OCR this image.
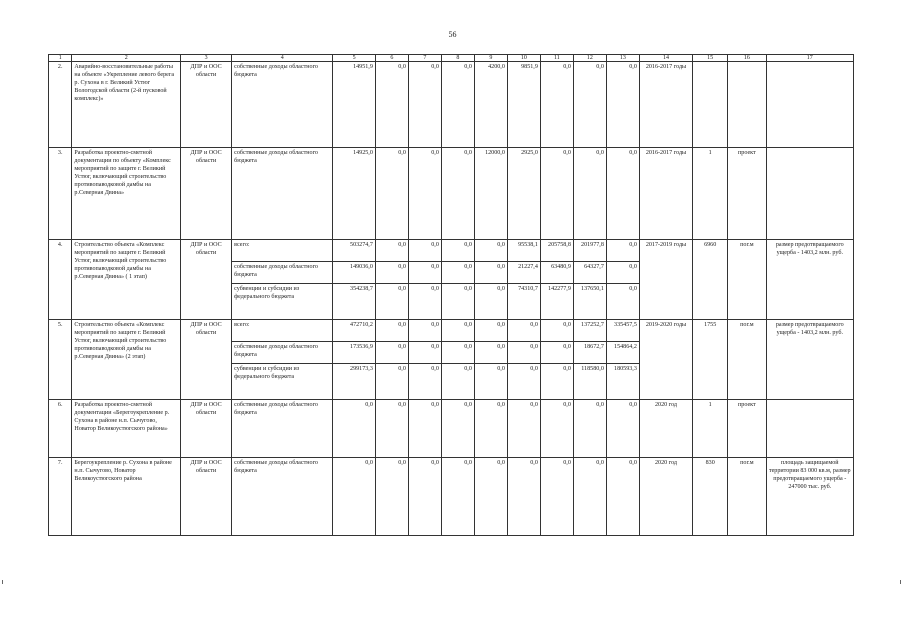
56
1	2	3	4	5	6	7	8	9	10	11	12	13	14	15	16	17
2.	Аварийно-восстановительные работы на объекте «Укрепление левого берега р. Сухона в г. Великий Устюг Вологодской области (2-й пусковой комплекс)»	ДПР и ООС области	собственные доходы областного бюджета	14951,9	0,0	0,0	0,0	4200,0	9851,9	0,0	0,0	0,0	2016-2017 годы			
3.	Разработка проектно-сметной документации по объекту «Комплекс мероприятий по защите г. Великий Устюг, включающий строительство противопаводковой дамбы на р.Северная Двина»	ДПР и ООС области	собственные доходы областного бюджета	14925,0	0,0	0,0	0,0	12000,0	2925,0	0,0	0,0	0,0	2016-2017 годы	1	проект	
4.	Строительство объекта «Комплекс мероприятий по защите г. Великий Устюг, включающий строительство противопаводковой дамбы на р.Северная Двина» ( 1 этап)	ДПР и ООС области	всего:	503274,7	0,0	0,0	0,0	0,0	95538,1	205758,8	201977,8	0,0	2017-2019 годы	6960	пог.м	размер предотвращаемого ущерба - 1403,2 млн. руб.
			собственные доходы областного бюджета	149036,0	0,0	0,0	0,0	0,0	21227,4	63480,9	64327,7	0,0				
			субвенции и субсидии из федерального бюджета	354238,7	0,0	0,0	0,0	0,0	74310,7	142277,9	137650,1	0,0				
5.	Строительство объекта «Комплекс мероприятий по защите г. Великий Устюг, включающий строительство противопаводковой дамбы на р.Северная Двина» (2 этап)	ДПР и ООС области	всего:	472710,2	0,0	0,0	0,0	0,0	0,0	0,0	137252,7	335457,5	2019-2020 годы	1755	пог.м	размер предотвращаемого ущерба - 1403,2 млн. руб.
			собственные доходы областного бюджета	173536,9	0,0	0,0	0,0	0,0	0,0	0,0	18672,7	154864,2				
			субвенции и субсидии из федерального бюджета	299173,3	0,0	0,0	0,0	0,0	0,0	0,0	118580,0	180593,3				
6.	Разработка проектно-сметной документации «Берегоукрепление р. Сухона в районе н.п. Сычугово, Новатор Великоустюгского района»	ДПР и ООС области	собственные доходы областного бюджета	0,0	0,0	0,0	0,0	0,0	0,0	0,0	0,0	0,0	2020 год	1	проект	
7.	Берегоукрепление р. Сухона в районе н.п. Сычугово, Новатор Великоустюгского района	ДПР и ООС области	собственные доходы областного бюджета	0,0	0,0	0,0	0,0	0,0	0,0	0,0	0,0	0,0	2020 год	830	пог.м	площадь защищаемой территории 83 000 кв.м, размер предотвращаемого ущерба - 247000 тыс. руб.
